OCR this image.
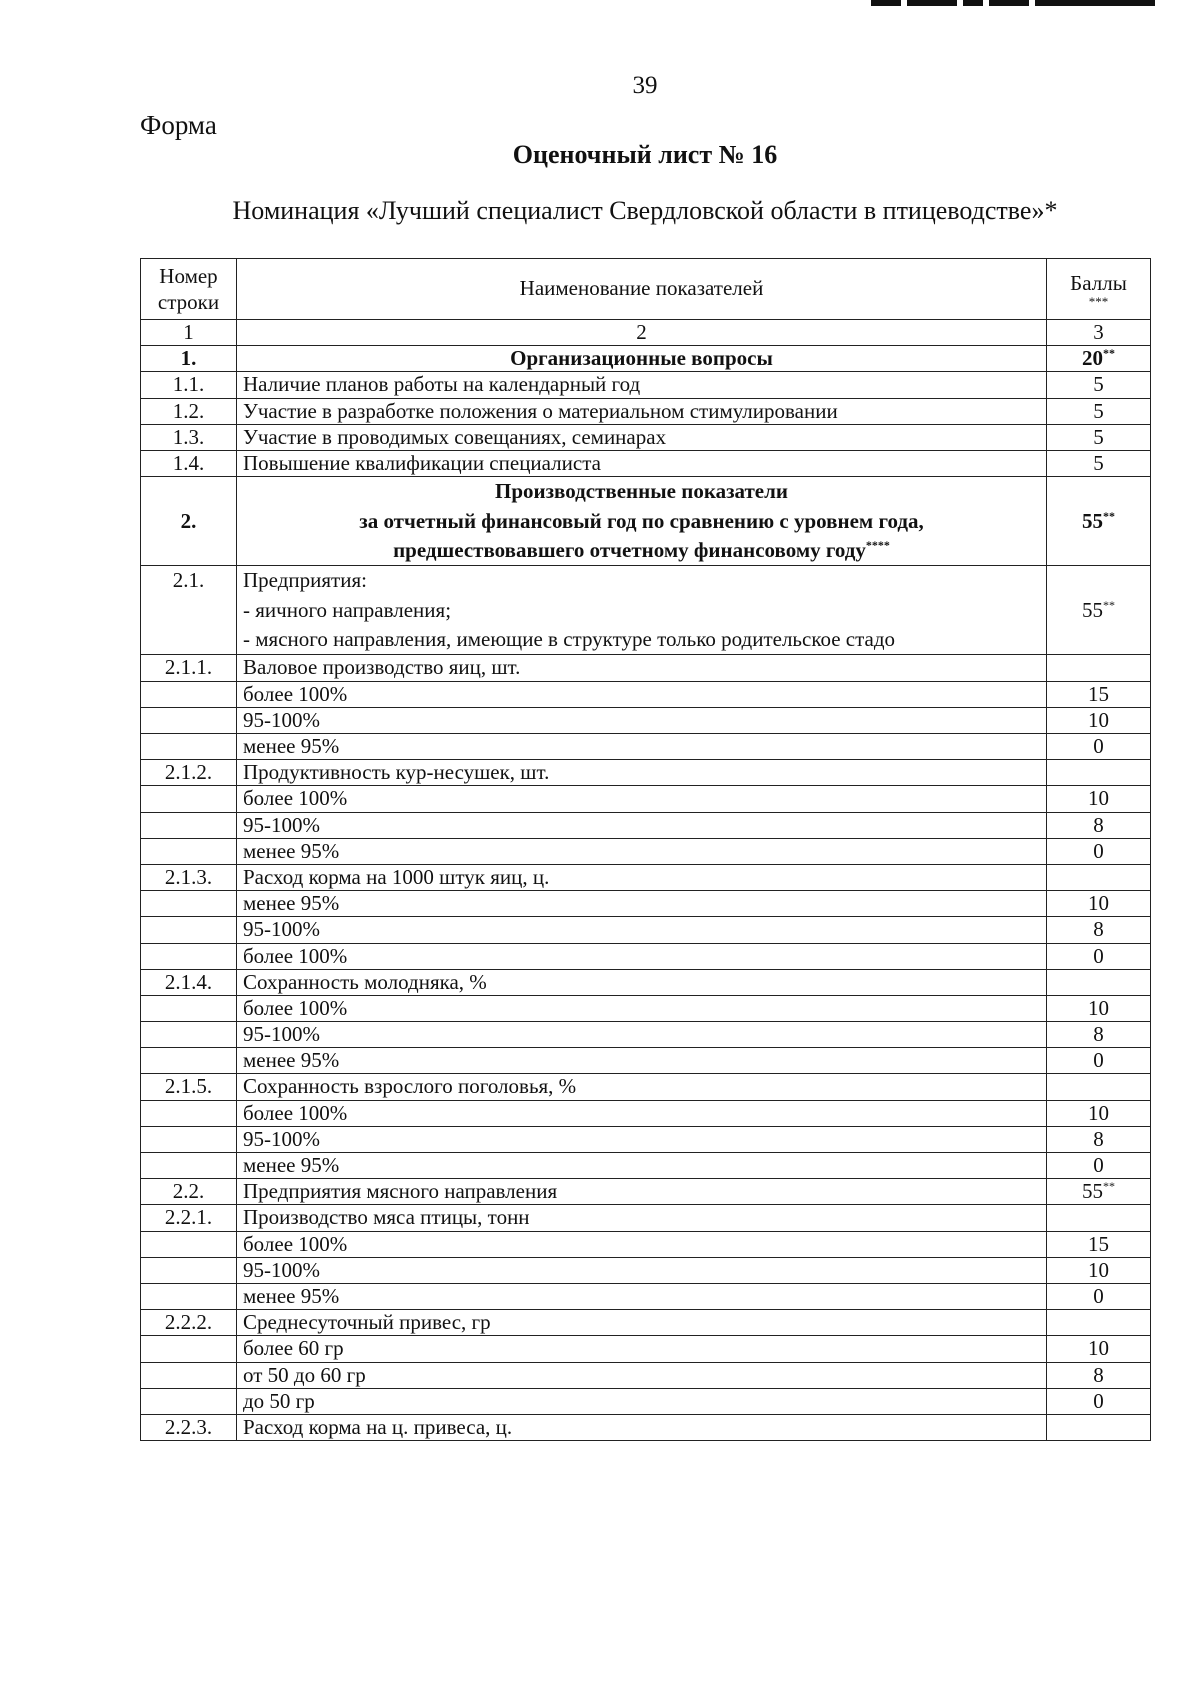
39
Форма
Оценочный лист № 16
Номинация «Лучший специалист Свердловской области в птицеводстве»*
Номер
строки	Наименование показателей	Баллы
***

1	2	3
1.	Организационные вопросы	20**
1.1.	Наличие планов работы на календарный год	5
1.2.	Участие в разработке положения о материальном стимулировании	5
1.3.	Участие в проводимых совещаниях, семинарах	5
1.4.	Повышение квалификации специалиста	5
2.	Производственные показатели
за отчетный финансовый год по сравнению с уровнем года,
предшествовавшего отчетному финансовому году****	55**
2.1.	Предприятия:
- яичного направления;
- мясного направления, имеющие в структуре только родительское стадо	55**
2.1.1.	Валовое производство яиц, шт.	
	более 100%	15
	95-100%	10
	менее 95%	0
2.1.2.	Продуктивность кур-несушек, шт.	
	более 100%	10
	95-100%	8
	менее 95%	0
2.1.3.	Расход корма на 1000 штук яиц, ц.	
	менее 95%	10
	95-100%	8
	более 100%	0
2.1.4.	Сохранность молодняка, %	
	более 100%	10
	95-100%	8
	менее 95%	0
2.1.5.	Сохранность взрослого поголовья, %	
	более 100%	10
	95-100%	8
	менее 95%	0
2.2.	Предприятия мясного направления	55**
2.2.1.	Производство мяса птицы, тонн	
	более 100%	15
	95-100%	10
	менее 95%	0
2.2.2.	Среднесуточный привес, гр	
	более 60 гр	10
	от 50 до 60 гр	8
	до 50 гр	0
2.2.3.	Расход корма на ц. привеса, ц.	
